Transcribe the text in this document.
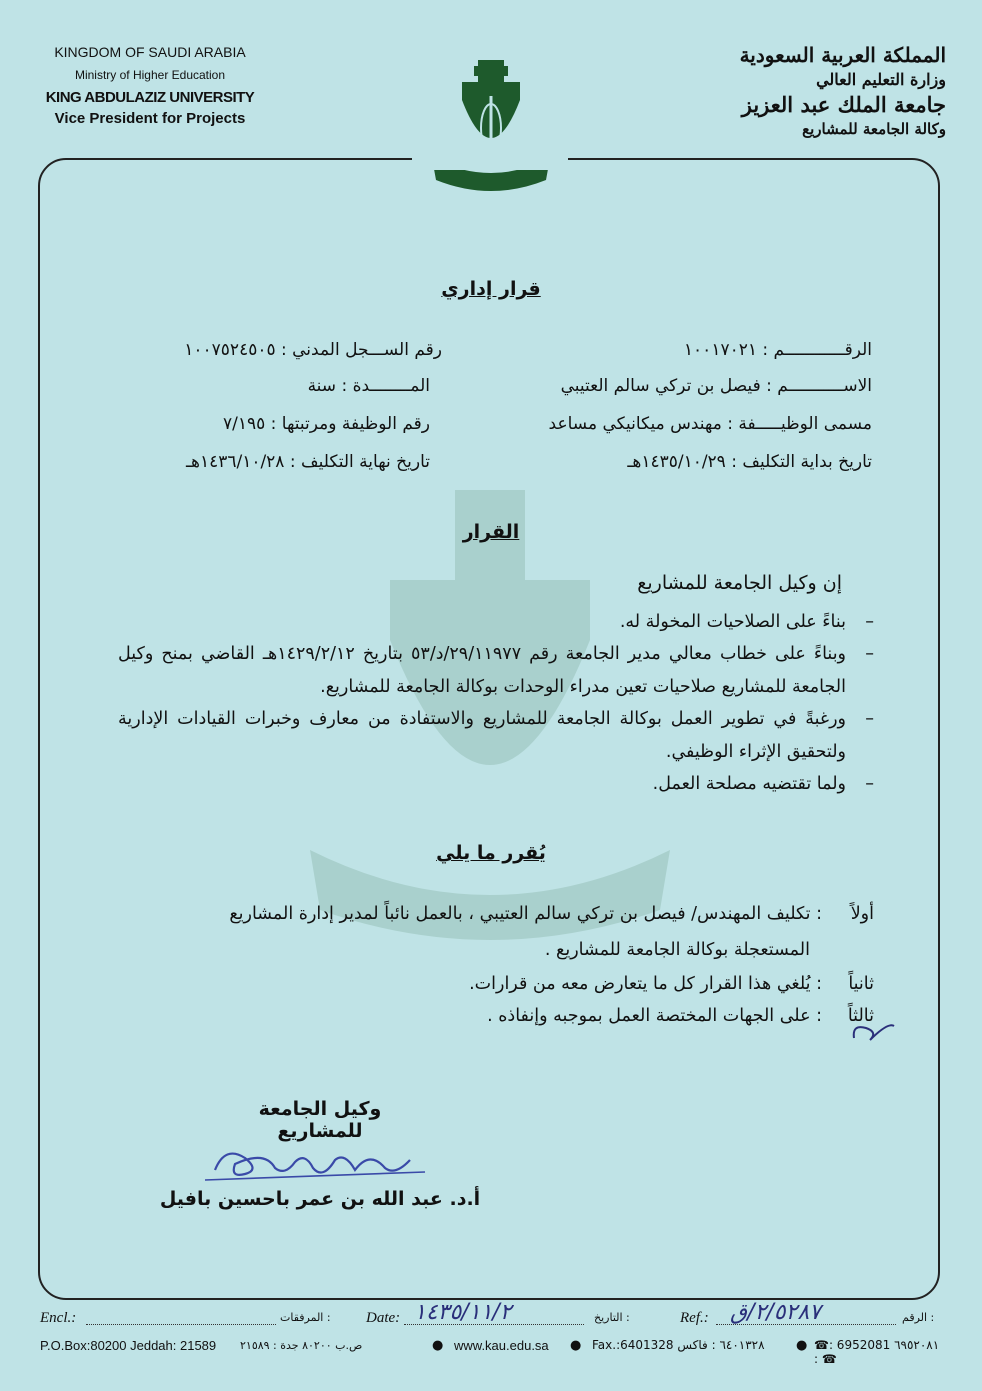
KINGDOM OF SAUDI ARABIA
Ministry of Higher Education
KING ABDULAZIZ UNIVERSITY
Vice President for Projects
المملكة العربية السعودية
وزارة التعليم العالي
جامعة الملك عبد العزيز
وكالة الجامعة للمشاريع
قرار إداري
الرقــــــــــــم : ١٠٠١٧٠٢١
الاســـــــــــم : فيصل بن تركي سالم العتيبي
مسمى الوظيـــــفة : مهندس ميكانيكي مساعد
تاريخ بداية التكليف : ١٤٣٥/١٠/٢٩هـ
رقم الســـجل المدني : ١٠٠٧٥٢٤٥٠٥
المــــــــدة : سنة
رقم الوظيفة ومرتبتها : ٧/١٩٥
تاريخ نهاية التكليف : ١٤٣٦/١٠/٢٨هـ
القرار
إن وكيل الجامعة للمشاريع
– بناءً على الصلاحيات المخولة له.
– وبناءً على خطاب معالي مدير الجامعة رقم ٢٩/١١٩٧٧/د/٥٣ بتاريخ ١٤٢٩/٢/١٢هـ القاضي بمنح وكيل الجامعة للمشاريع صلاحيات تعين مدراء الوحدات بوكالة الجامعة للمشاريع.
– ورغبةً في تطوير العمل بوكالة الجامعة للمشاريع والاستفادة من معارف وخبرات القيادات الإدارية ولتحقيق الإثراء الوظيفي.
– ولما تقتضيه مصلحة العمل.
يُقرر ما يلي
أولاً
: تكليف المهندس/ فيصل بن تركي سالم العتيبي ، بالعمل نائباً لمدير إدارة المشاريع
المستعجلة بوكالة الجامعة للمشاريع .
ثانياً
: يُلغي هذا القرار كل ما يتعارض معه من قرارات.
ثالثاً
: على الجهات المختصة العمل بموجبه وإنفاذه .
وكيل الجامعة للمشاريع
أ.د. عبد الله بن عمر باحسين بافيل
Encl.:	المرفقات : Date: ١٤٣٥/١١/٢	التاريخ :	Ref.: ٢/٥٢٨٧/ق	الرقم :
P.O.Box:80200 Jeddah: 21589 ص.ب ٨٠٢٠٠ جدة : ٢١٥٨٩	● www.kau.edu.sa ● Fax.:6401328 ٦٤٠١٣٢٨ : فاكس ● ☎: 6952081 ٦٩٥٢٠٨١ : ☎
